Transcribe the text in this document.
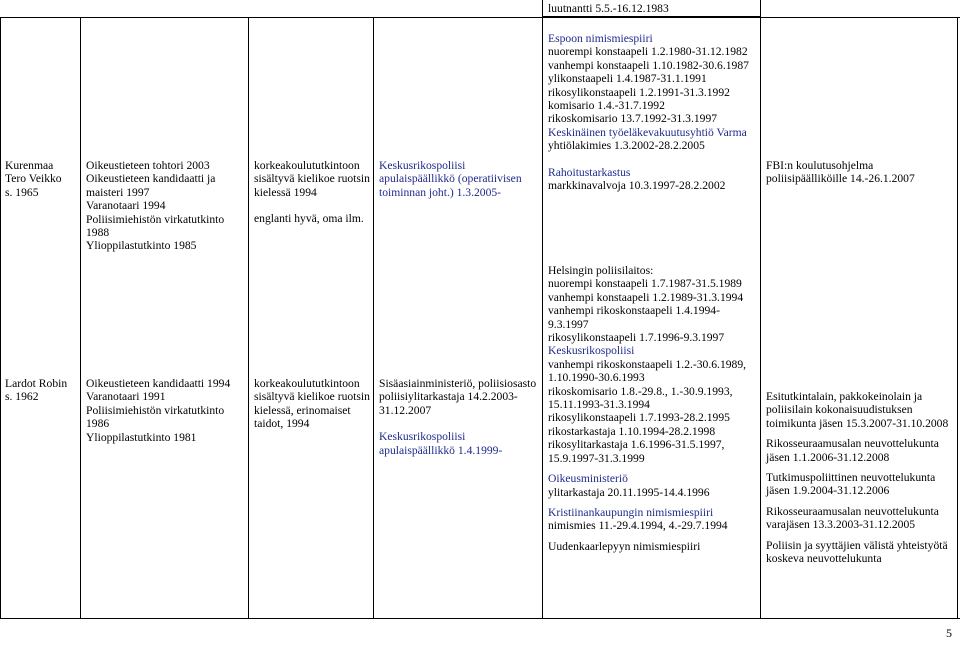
luutnantti 5.5.-16.12.1983

Kurenmaa
Tero Veikko
s. 1965

Oikeustieteen tohtori 2003

Oikeustieteen kandidaatti ja maisteri 1997

Varanotaari 1994

Poliisimiehistön virkatutkinto 1988

Ylioppilastutkinto 1985

korkeakoulututkintoon sisältyvä kielikoe ruotsin kielessä 1994

englanti hyvä, oma ilm.

Keskusrikospoliisi apulaispäällikkö (operatiivisen toiminnan joht.) 1.3.2005-

Espoon nimismiespiiri

nuorempi konstaapeli 1.2.1980-31.12.1982

vanhempi konstaapeli 1.10.1982-30.6.1987

ylikonstaapeli 1.4.1987-31.1.1991

rikosylikonstaapeli 1.2.1991-31.3.1992

komisario 1.4.-31.7.1992

rikoskomisario 13.7.1992-31.3.1997

Keskinäinen työeläkevakuutusyhtiö Varma

yhtiölakimies 1.3.2002-28.2.2005

Rahoitustarkastus

markkinavalvoja 10.3.1997-28.2.2002

FBI:n koulutusohjelma poliisipäälliköille 14.-26.1.2007

Lardot Robin
s. 1962

Oikeustieteen kandidaatti 1994

Varanotaari 1991

Poliisimiehistön virkatutkinto 1986

Ylioppilastutkinto 1981

korkeakoulututkintoon sisältyvä kielikoe ruotsin kielessä, erinomaiset taidot, 1994

Sisäasiainministeriö, poliisiosasto poliisiylitarkastaja 14.2.2003-31.12.2007

Keskusrikospoliisi apulaispäällikkö 1.4.1999-

Helsingin poliisilaitos:

nuorempi konstaapeli 1.7.1987-31.5.1989

vanhempi konstaapeli 1.2.1989-31.3.1994

vanhempi rikoskonstaapeli 1.4.1994-9.3.1997

rikosylikonstaapeli 1.7.1996-9.3.1997

Keskusrikospoliisi

vanhempi rikoskonstaapeli 1.2.-30.6.1989, 1.10.1990-30.6.1993

rikoskomisario 1.8.-29.8., 1.-30.9.1993, 15.11.1993-31.3.1994

rikosylikonstaapeli 1.7.1993-28.2.1995

rikostarkastaja 1.10.1994-28.2.1998

rikosylitarkastaja 1.6.1996-31.5.1997, 15.9.1997-31.3.1999

Oikeusministeriö

ylitarkastaja 20.11.1995-14.4.1996

Kristiinankaupungin nimismiespiiri

nimismies 11.-29.4.1994, 4.-29.7.1994

Uudenkaarlepyyn nimismiespiiri

Esitutkintalain, pakkokeinolain ja poliisilain kokonaisuudistuksen toimikunta jäsen 15.3.2007-31.10.2008

Rikosseuraamusalan neuvottelukunta jäsen 1.1.2006-31.12.2008

Tutkimuspoliittinen neuvottelukunta jäsen 1.9.2004-31.12.2006

Rikosseuraamusalan neuvottelukunta varajäsen 13.3.2003-31.12.2005

Poliisin ja syyttäjien välistä yhteistyötä koskeva neuvottelukunta

5
